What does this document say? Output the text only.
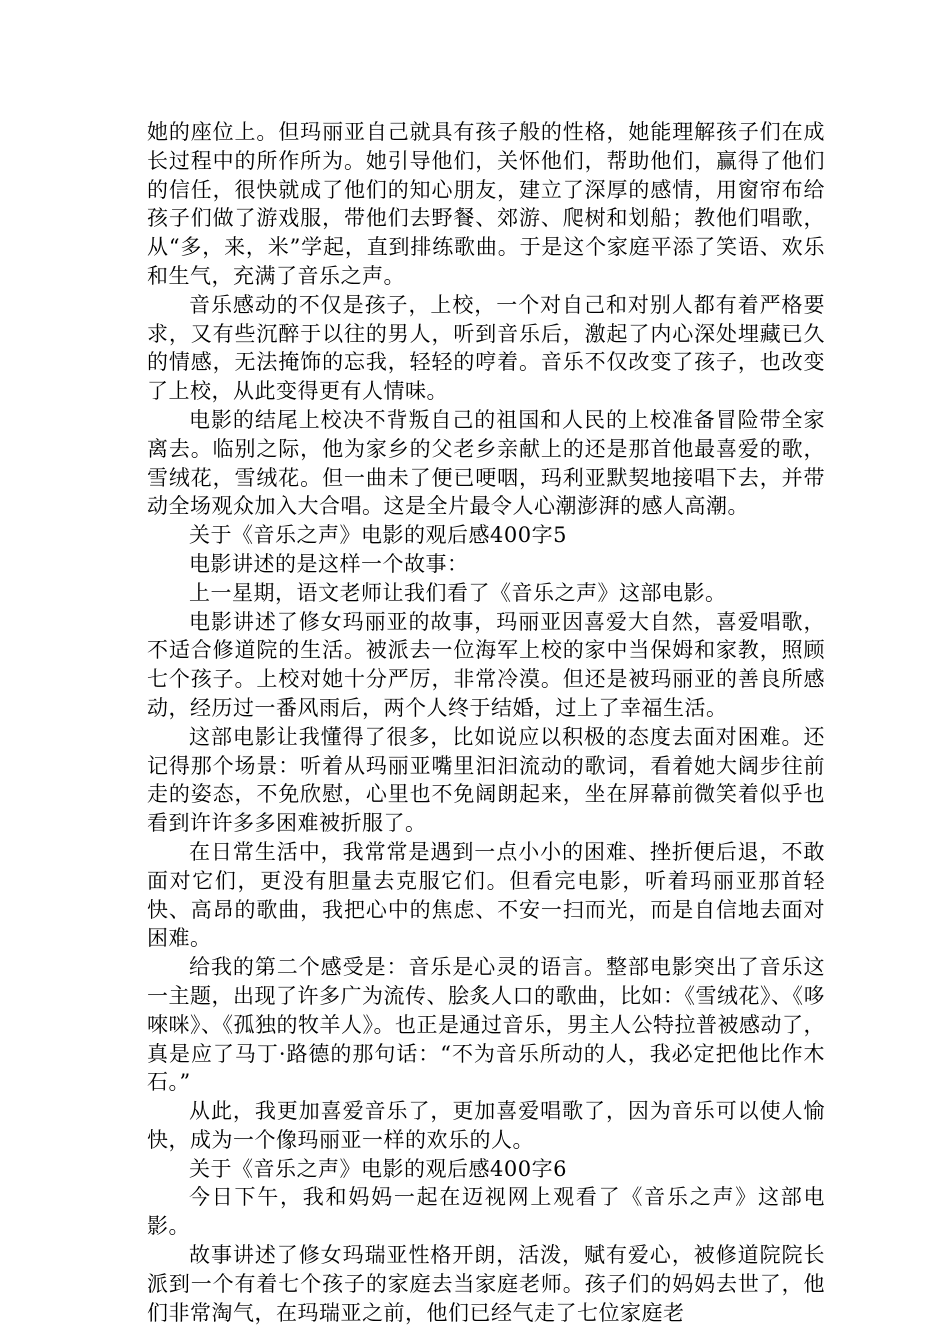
她的座位上。但玛丽亚自己就具有孩子般的性格，她能理解孩子们在成长过程中的所作所为。她引导他们，关怀他们，帮助他们，赢得了他们的信任，很快就成了他们的知心朋友，建立了深厚的感情，用窗帘布给孩子们做了游戏服，带他们去野餐、郊游、爬树和划船；教他们唱歌，从“多，来，米”学起，直到排练歌曲。于是这个家庭平添了笑语、欢乐和生气，充满了音乐之声。

音乐感动的不仅是孩子，上校，一个对自己和对别人都有着严格要求，又有些沉醉于以往的男人，听到音乐后，激起了内心深处埋藏已久的情感，无法掩饰的忘我，轻轻的哼着。音乐不仅改变了孩子，也改变了上校，从此变得更有人情味。

电影的结尾上校决不背叛自己的祖国和人民的上校准备冒险带全家离去。临别之际，他为家乡的父老乡亲献上的还是那首他最喜爱的歌，雪绒花，雪绒花。但一曲未了便已哽咽，玛利亚默契地接唱下去，并带动全场观众加入大合唱。这是全片最令人心潮澎湃的感人高潮。

关于《音乐之声》电影的观后感400字5

电影讲述的是这样一个故事：

上一星期，语文老师让我们看了《音乐之声》这部电影。

电影讲述了修女玛丽亚的故事，玛丽亚因喜爱大自然，喜爱唱歌，不适合修道院的生活。被派去一位海军上校的家中当保姆和家教，照顾七个孩子。上校对她十分严厉，非常冷漠。但还是被玛丽亚的善良所感动，经历过一番风雨后，两个人终于结婚，过上了幸福生活。

这部电影让我懂得了很多，比如说应以积极的态度去面对困难。还记得那个场景：听着从玛丽亚嘴里汩汩流动的歌词，看着她大阔步往前走的姿态，不免欣慰，心里也不免阔朗起来，坐在屏幕前微笑着似乎也看到许许多多困难被折服了。

在日常生活中，我常常是遇到一点小小的困难、挫折便后退，不敢面对它们，更没有胆量去克服它们。但看完电影，听着玛丽亚那首轻快、高昂的歌曲，我把心中的焦虑、不安一扫而光，而是自信地去面对困难。

给我的第二个感受是：音乐是心灵的语言。整部电影突出了音乐这一主题，出现了许多广为流传、脍炙人口的歌曲，比如：《雪绒花》、《哆唻咪》、《孤独的牧羊人》。也正是通过音乐，男主人公特拉普被感动了，真是应了马丁·路德的那句话：“不为音乐所动的人，我必定把他比作木石。”

从此，我更加喜爱音乐了，更加喜爱唱歌了，因为音乐可以使人愉快，成为一个像玛丽亚一样的欢乐的人。

关于《音乐之声》电影的观后感400字6

今日下午，我和妈妈一起在迈视网上观看了《音乐之声》这部电影。

故事讲述了修女玛瑞亚性格开朗，活泼，赋有爱心，被修道院院长派到一个有着七个孩子的家庭去当家庭老师。孩子们的妈妈去世了，他们非常淘气，在玛瑞亚之前，他们已经气走了七位家庭老
